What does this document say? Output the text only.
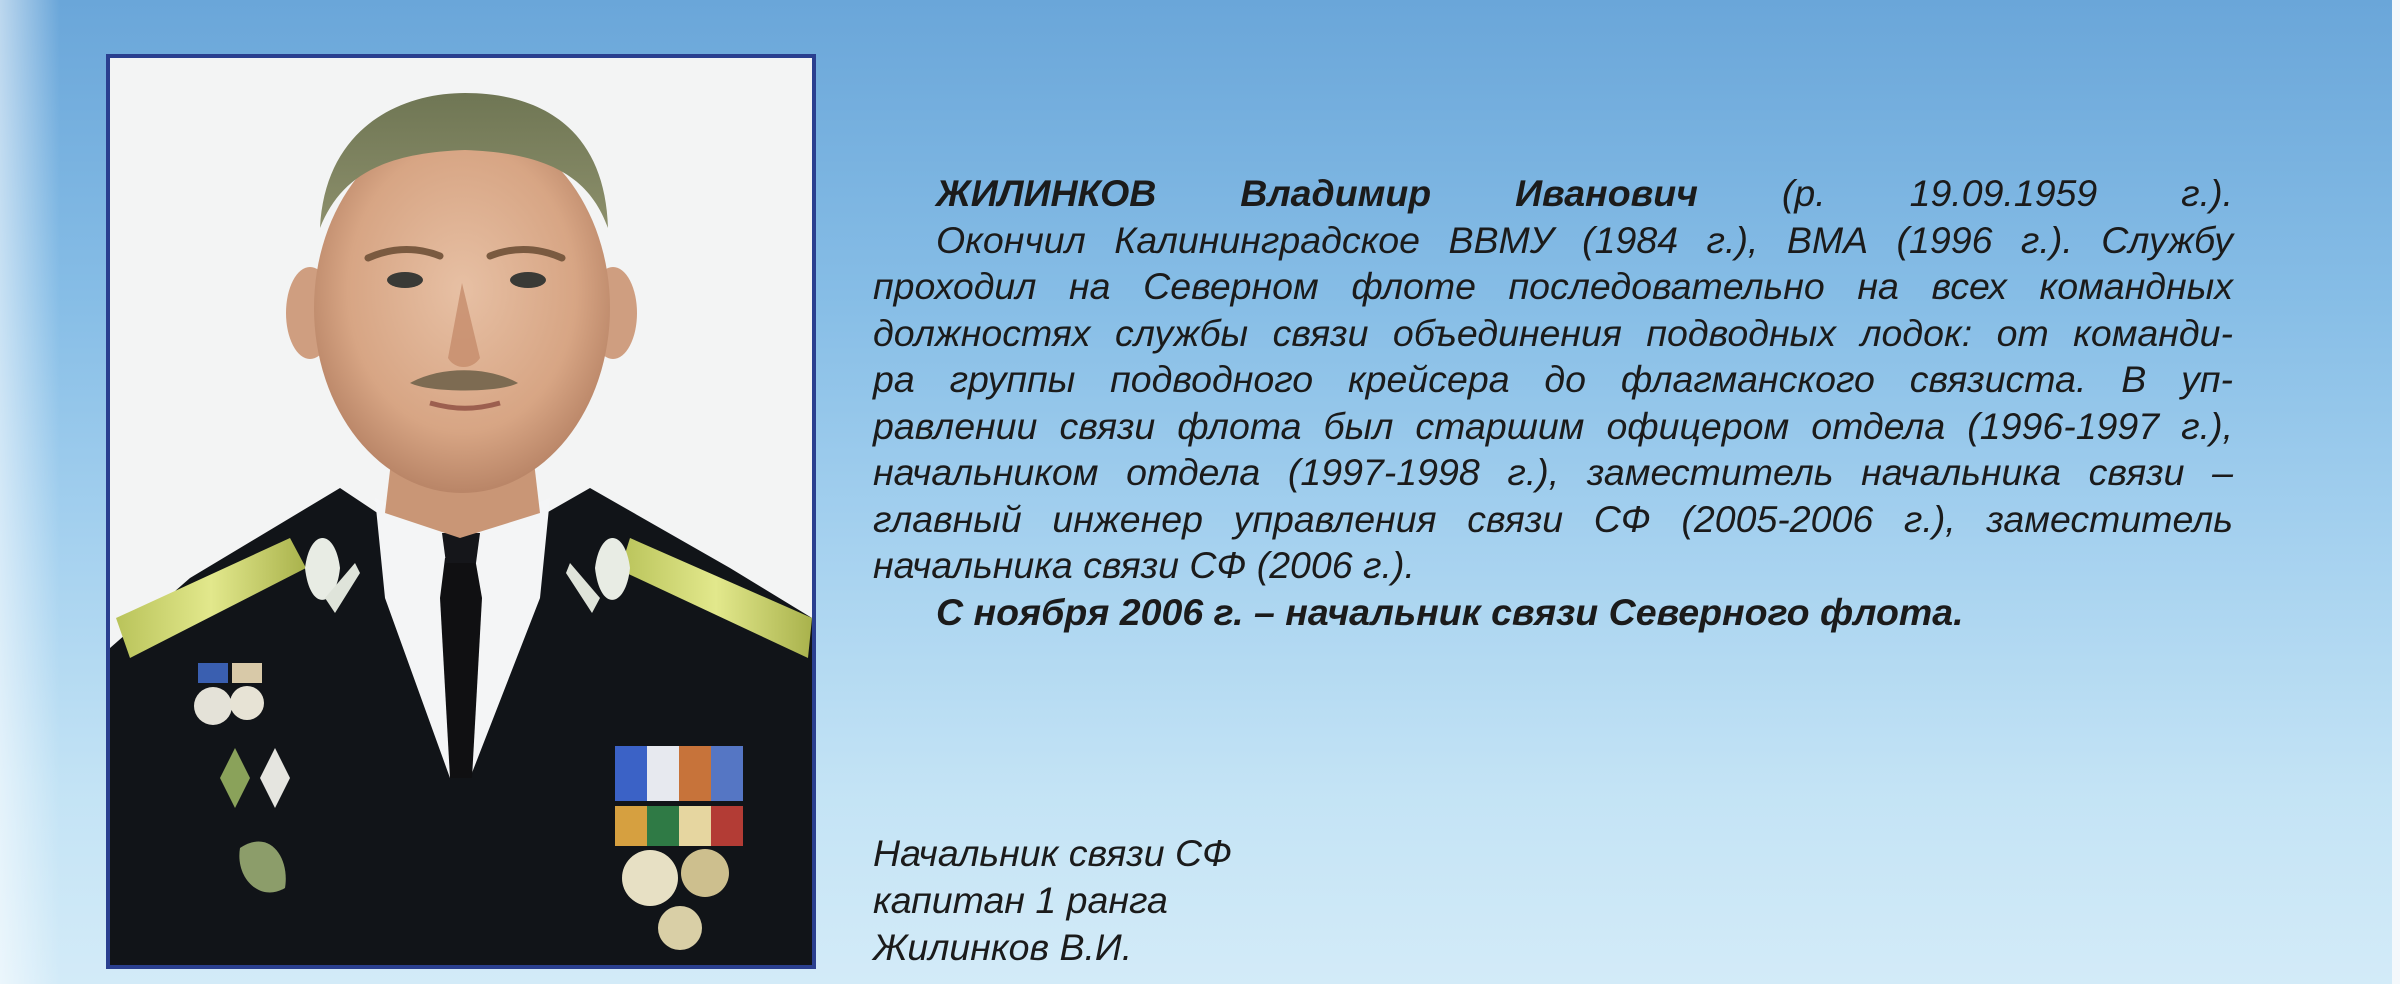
ЖИЛИНКОВ Владимир Иванович (р. 19.09.1959 г.).

Окончил Калининградское ВВМУ (1984 г.), ВМА (1996 г.). Службу

проходил на Северном флоте последовательно на всех командных
должностях службы связи объединения подводных лодок: от команди-
ра группы подводного крейсера до флагманского связиста. В уп-
равлении связи флота был старшим офицером отдела (1996-1997 г.),
начальником отдела (1997-1998 г.), заместитель начальника связи –
главный инженер управления связи СФ (2005-2006 г.), заместитель
начальника связи СФ (2006 г.).

С ноября 2006 г. – начальник связи Северного флота.

Начальник связи СФ
капитан 1 ранга
Жилинков В.И.
